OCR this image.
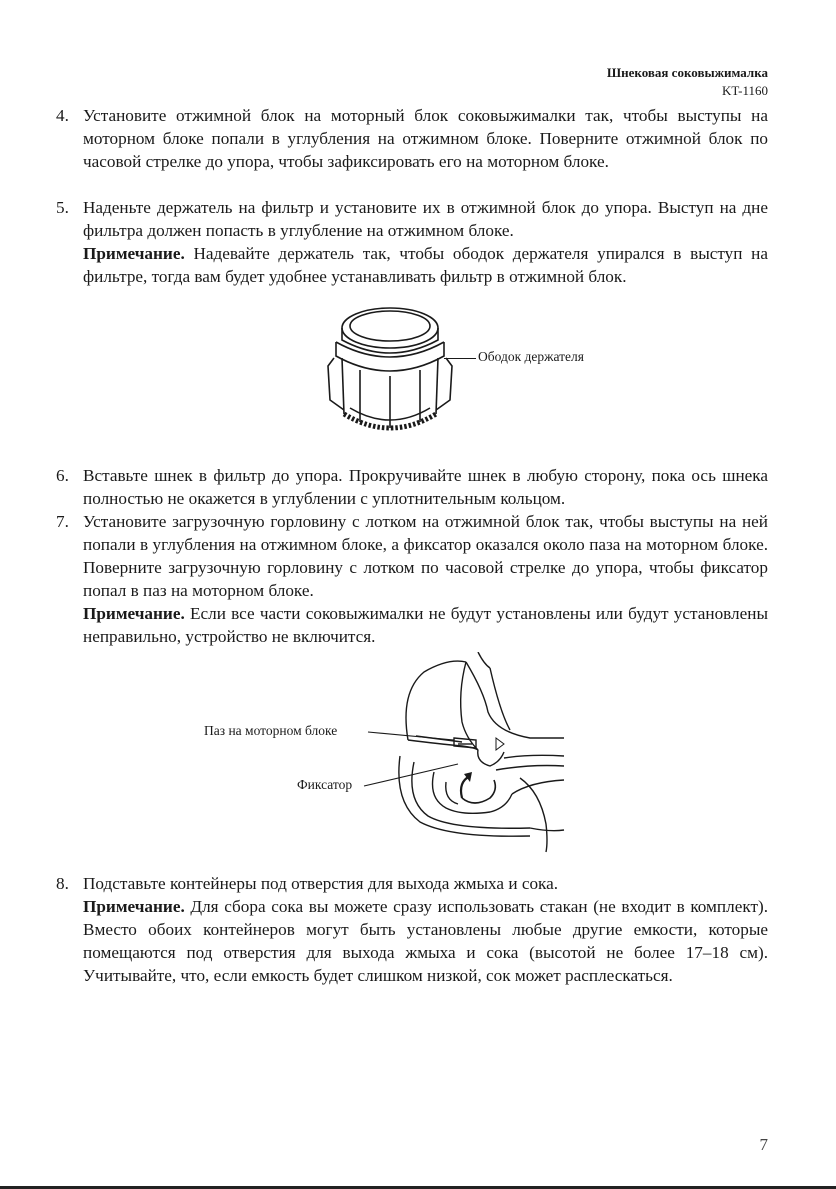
Шнековая соковыжималка
KT-1160
4. Установите отжимной блок на моторный блок соковыжималки так, чтобы выступы на моторном блоке попали в углубления на отжимном блоке. Поверните отжимной блок по часовой стрелке до упора, чтобы зафиксировать его на моторном блоке.

5. Наденьте держатель на фильтр и установите их в отжимной блок до упора. Выступ на дне фильтра должен попасть в углубление на отжимном блоке.

Примечание. Надевайте держатель так, чтобы ободок держателя упирался в выступ на фильтре, тогда вам будет удобнее устанавливать фильтр в отжимной блок.

Ободок держателя
6. Вставьте шнек в фильтр до упора. Прокручивайте шнек в любую сторону, пока ось шнека полностью не окажется в углублении с уплотнительным кольцом.

7. Установите загрузочную горловину с лотком на отжимной блок так, чтобы выступы на ней попали в углубления на отжимном блоке, а фиксатор оказался около паза на моторном блоке. Поверните загрузочную горловину с лотком по часовой стрелке до упора, чтобы фиксатор попал в паз на моторном блоке.

Примечание. Если все части соковыжималки не будут установлены или будут установлены неправильно, устройство не включится.

Паз на моторном блоке
Фиксатор
8. Подставьте контейнеры под отверстия для выхода жмыха и сока.

Примечание. Для сбора сока вы можете сразу использовать стакан (не входит в комплект). Вместо обоих контейнеров могут быть установлены любые другие емкости, которые помещаются под отверстия для выхода жмыха и сока (высотой не более 17–18 см). Учитывайте, что, если емкость будет слишком низкой, сок может расплескаться.

7
